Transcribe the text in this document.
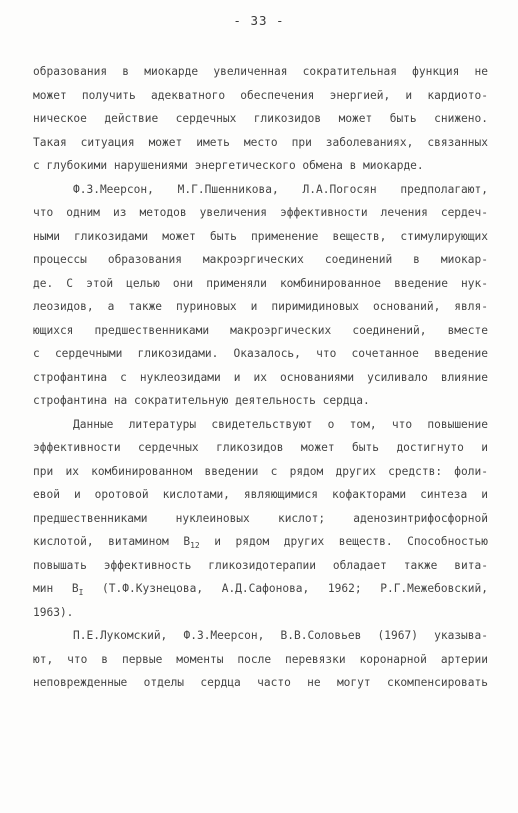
- 33 -
образования в миокарде увеличенная сократительная функция не
может получить адекватного обеспечения энергией, и кардиото-
ническое действие сердечных гликозидов может быть снижено.
Такая ситуация может иметь место при заболеваниях, связанных
с глубокими нарушениями энергетического обмена в миокарде.
Ф.З.Меерсон, М.Г.Пшенникова, Л.А.Погосян предполагают,
что одним из методов увеличения эффективности лечения сердеч-
ными гликозидами может быть применение веществ, стимулирующих
процессы образования макроэргических соединений в миокар-
де. С этой целью они применяли комбинированное введение нук-
леозидов, а также пуриновых и пиримидиновых оснований, явля-
ющихся предшественниками макроэргических соединений, вместе
с сердечными гликозидами. Оказалось, что сочетанное введение
строфантина с нуклеозидами и их основаниями усиливало влияние
строфантина на сократительную деятельность сердца.
Данные литературы свидетельствуют о том, что повышение
эффективности сердечных гликозидов может быть достигнуто и
при их комбинированном введении с рядом других средств: фоли-
евой и оротовой кислотами, являющимися кофакторами синтеза и
предшественниками нуклеиновых кислот; аденозинтрифосфорной
кислотой, витамином $В_{12}$ и рядом других веществ. Способностью
повышать эффективность гликозидотерапии обладает также вита-
мин $В_I$ (Т.Ф.Кузнецова, А.Д.Сафонова, 1962; Р.Г.Межебовский,
1963).
П.Е.Лукомский, Ф.З.Меерсон, В.В.Соловьев (1967) указыва-
ют, что в первые моменты после перевязки коронарной артерии
неповрежденные отделы сердца часто не могут скомпенсировать
